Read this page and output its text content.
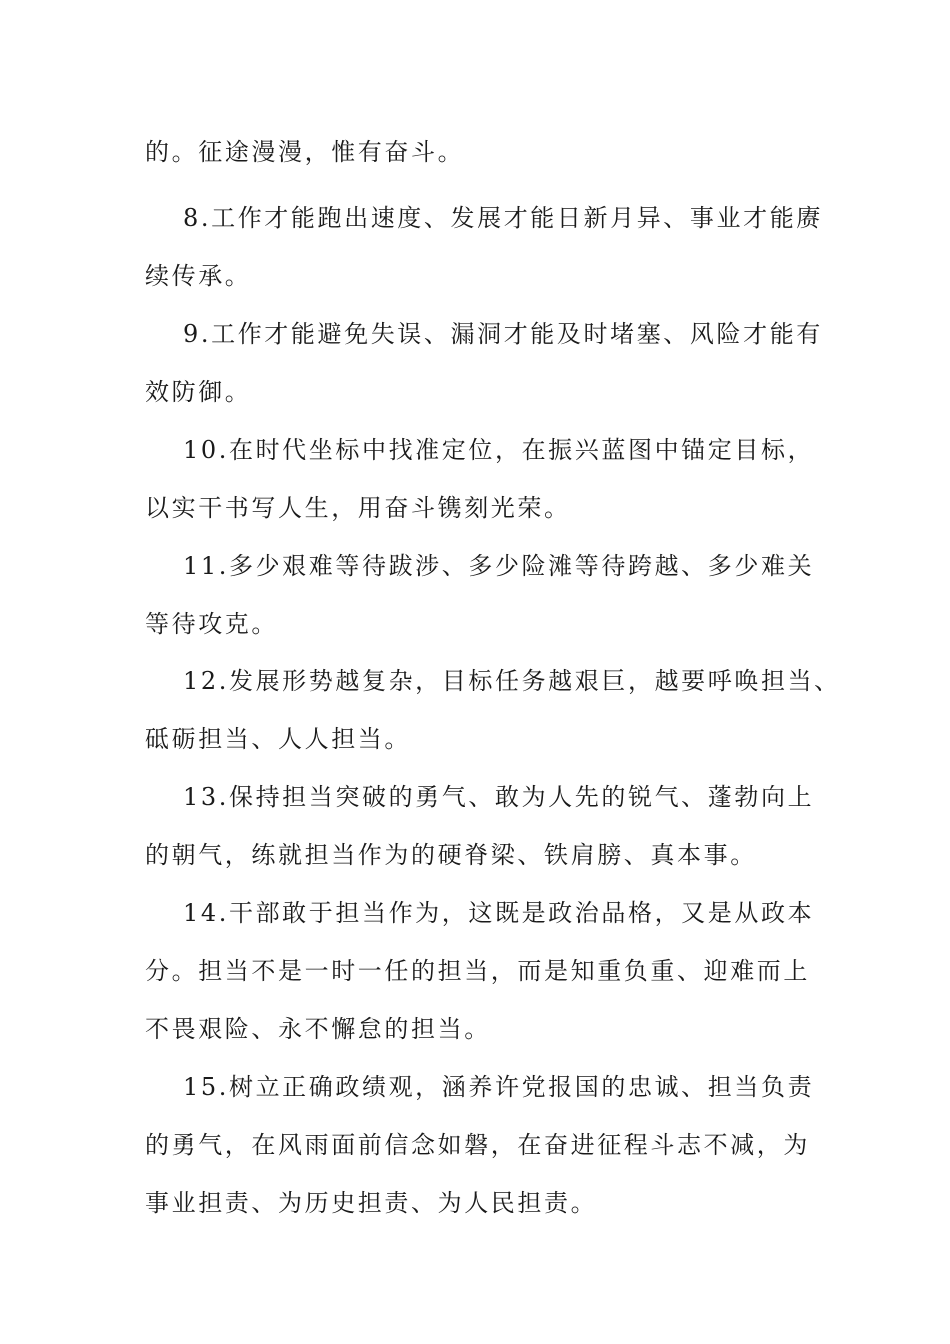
的。征途漫漫，惟有奋斗。

8.工作才能跑出速度、发展才能日新月异、事业才能赓
续传承。

9.工作才能避免失误、漏洞才能及时堵塞、风险才能有
效防御。

10.在时代坐标中找准定位，在振兴蓝图中锚定目标，
以实干书写人生，用奋斗镌刻光荣。

11.多少艰难等待跋涉、多少险滩等待跨越、多少难关
等待攻克。

12.发展形势越复杂，目标任务越艰巨，越要呼唤担当、
砥砺担当、人人担当。

13.保持担当突破的勇气、敢为人先的锐气、蓬勃向上
的朝气，练就担当作为的硬脊梁、铁肩膀、真本事。

14.干部敢于担当作为，这既是政治品格，又是从政本
分。担当不是一时一任的担当，而是知重负重、迎难而上
不畏艰险、永不懈怠的担当。

15.树立正确政绩观，涵养许党报国的忠诚、担当负责
的勇气，在风雨面前信念如磐，在奋进征程斗志不减，为
事业担责、为历史担责、为人民担责。
